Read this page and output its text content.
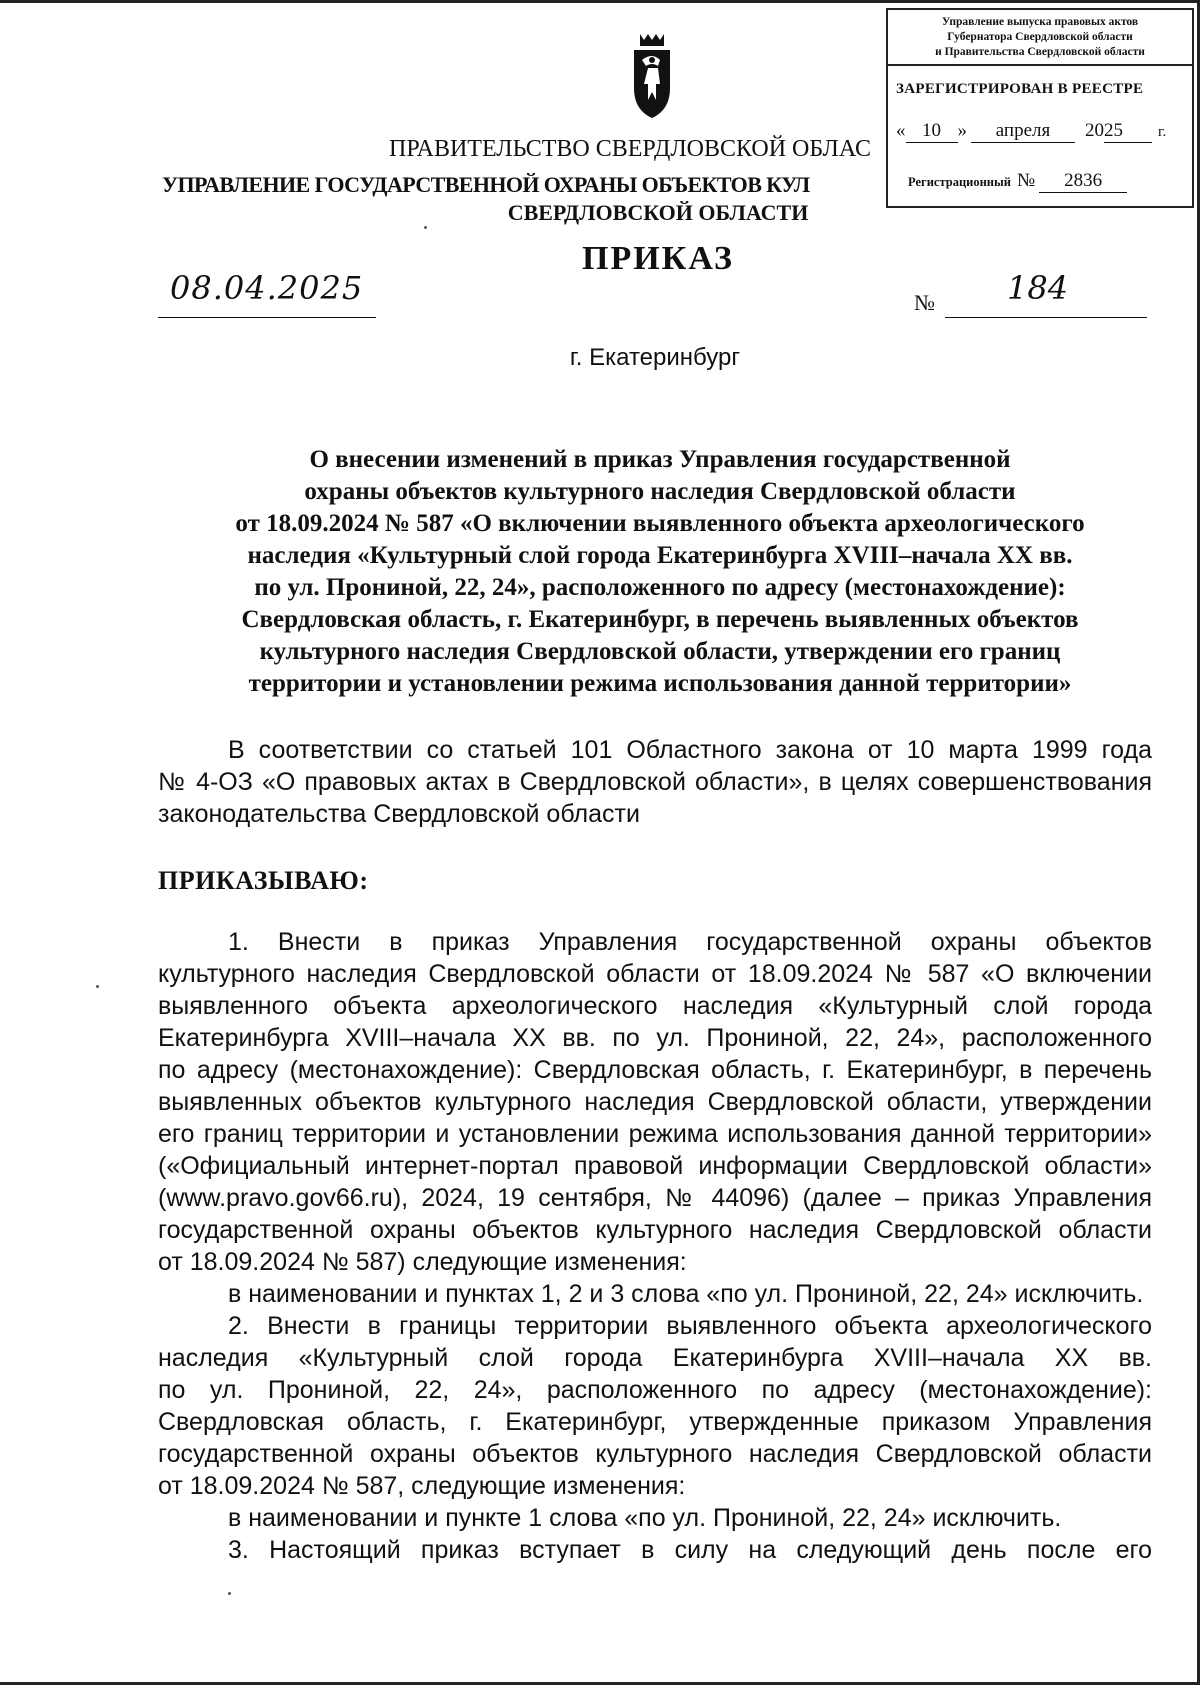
Управление выпуска правовых актов
Губернатора Свердловской области
и Правительства Свердловской области
ЗАРЕГИСТРИРОВАН В РЕЕСТРЕ
« 10 » апреля 2025 г.
Регистрационный № 2836
ПРАВИТЕЛЬСТВО СВЕРДЛОВСКОЙ ОБЛАС
УПРАВЛЕНИЕ ГОСУДАРСТВЕННОЙ ОХРАНЫ ОБЪЕКТОВ КУЛ
СВЕРДЛОВСКОЙ ОБЛАСТИ
ПРИКАЗ
08.04.2025	№	184
г. Екатеринбург
О внесении изменений в приказ Управления государственной
охраны объектов культурного наследия Свердловской области
от 18.09.2024 № 587 «О включении выявленного объекта археологического
наследия «Культурный слой города Екатеринбурга XVIII–начала XX вв.
по ул. Прониной, 22, 24», расположенного по адресу (местонахождение):
Свердловская область, г. Екатеринбург, в перечень выявленных объектов
культурного наследия Свердловской области, утверждении его границ
территории и установлении режима использования данной территории»
В соответствии со статьей 101 Областного закона от 10 марта 1999 года
№ 4-ОЗ «О правовых актах в Свердловской области», в целях совершенствования
законодательства Свердловской области
ПРИКАЗЫВАЮ:
1. Внести в приказ Управления государственной охраны объектов
культурного наследия Свердловской области от 18.09.2024 № 587 «О включении
выявленного объекта археологического наследия «Культурный слой города
Екатеринбурга XVIII–начала XX вв. по ул. Прониной, 22, 24», расположенного
по адресу (местонахождение): Свердловская область, г. Екатеринбург, в перечень
выявленных объектов культурного наследия Свердловской области, утверждении
его границ территории и установлении режима использования данной территории»
(«Официальный интернет-портал правовой информации Свердловской области»
(www.pravo.gov66.ru), 2024, 19 сентября, № 44096) (далее – приказ Управления
государственной охраны объектов культурного наследия Свердловской области
от 18.09.2024 № 587) следующие изменения:
в наименовании и пунктах 1, 2 и 3 слова «по ул. Прониной, 22, 24» исключить.
2. Внести в границы территории выявленного объекта археологического
наследия «Культурный слой города Екатеринбурга XVIII–начала XX вв.
по ул. Прониной, 22, 24», расположенного по адресу (местонахождение):
Свердловская область, г. Екатеринбург, утвержденные приказом Управления
государственной охраны объектов культурного наследия Свердловской области
от 18.09.2024 № 587, следующие изменения:
в наименовании и пункте 1 слова «по ул. Прониной, 22, 24» исключить.
3. Настоящий приказ вступает в силу на следующий день после его
